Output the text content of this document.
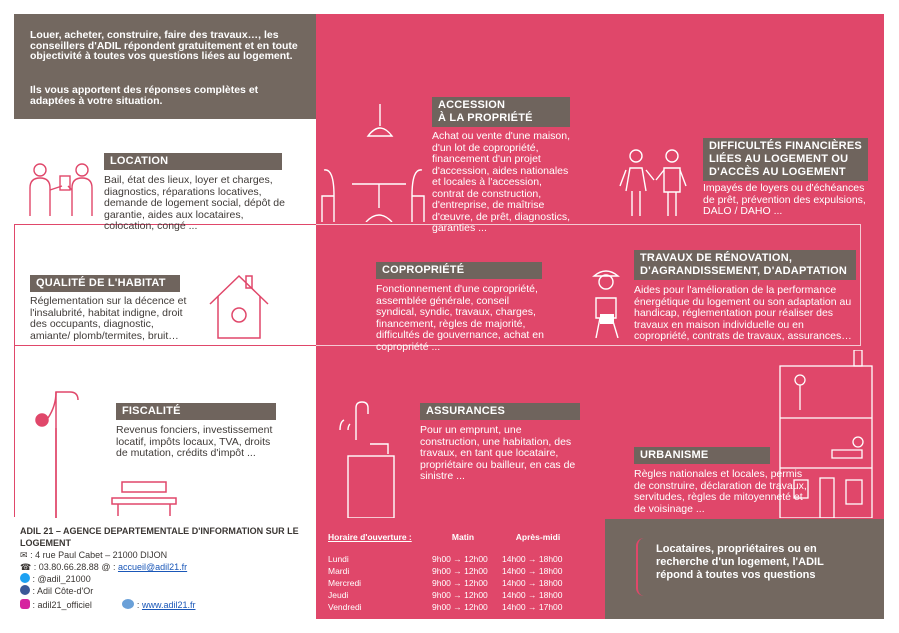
Louer, acheter, construire, faire des travaux…, les conseillers d'ADIL répondent gratuitement et en toute objectivité à toutes vos questions liées au logement.
Ils vous apportent des réponses complètes et adaptées à votre situation.
LOCATION
Bail, état des lieux, loyer et charges, diagnostics, réparations locatives, demande de logement social, dépôt de garantie, aides aux locataires, colocation, congé ...
ACCESSION
À LA PROPRIÉTÉ
Achat ou vente d'une maison, d'un lot de copropriété, financement d'un projet d'accession, aides nationales et locales à l'accession, contrat de construction, d'entreprise, de maîtrise d'œuvre, de prêt, diagnostics, garanties ...
DIFFICULTÉS FINANCIÈRES
LIÉES AU LOGEMENT OU
D'ACCÈS AU LOGEMENT
Impayés de loyers ou d'échéances de prêt, prévention des expulsions, DALO / DAHO ...
QUALITÉ DE L'HABITAT
Réglementation sur la décence et l'insalubrité, habitat indigne, droit des occupants, diagnostic, amiante/ plomb/termites, bruit…
COPROPRIÉTÉ
Fonctionnement d'une copropriété, assemblée générale, conseil syndical, syndic, travaux, charges, financement, règles de majorité, difficultés de gouvernance, achat en copropriété ...
TRAVAUX DE RÉNOVATION,
D'AGRANDISSEMENT, D'ADAPTATION
Aides pour l'amélioration de la performance énergétique du logement ou son adaptation au handicap, réglementation pour réaliser des travaux en maison individuelle ou en copropriété, contrats de travaux, assurances…
FISCALITÉ
Revenus fonciers, investissement locatif, impôts locaux, TVA, droits de mutation, crédits d'impôt ...
ASSURANCES
Pour un emprunt, une construction, une habitation, des travaux, en tant que locataire, propriétaire ou bailleur, en cas de sinistre ...
URBANISME
Règles nationales et locales, permis de construire, déclaration de travaux, servitudes, règles de mitoyenneté et de voisinage ...
ADIL 21 – AGENCE DEPARTEMENTALE D'INFORMATION SUR LE
LOGEMENT
✉ : 4 rue Paul Cabet – 21000 DIJON
☎ : 03.80.66.28.88 @ : accueil@adil21.fr
: @adil_21000
: Adil Côte-d'Or
: adil21_officiel	: www.adil21.fr
Horaire d'ouverture :	Matin	Après-midi

Lundi	9h00 → 12h00	14h00 → 18h00
Mardi	9h00 → 12h00	14h00 → 18h00
Mercredi	9h00 → 12h00	14h00 → 18h00
Jeudi	9h00 → 12h00	14h00 → 18h00
Vendredi	9h00 → 12h00	14h00 → 17h00
Locataires, propriétaires ou en recherche d'un logement, l'ADIL répond à toutes vos questions
